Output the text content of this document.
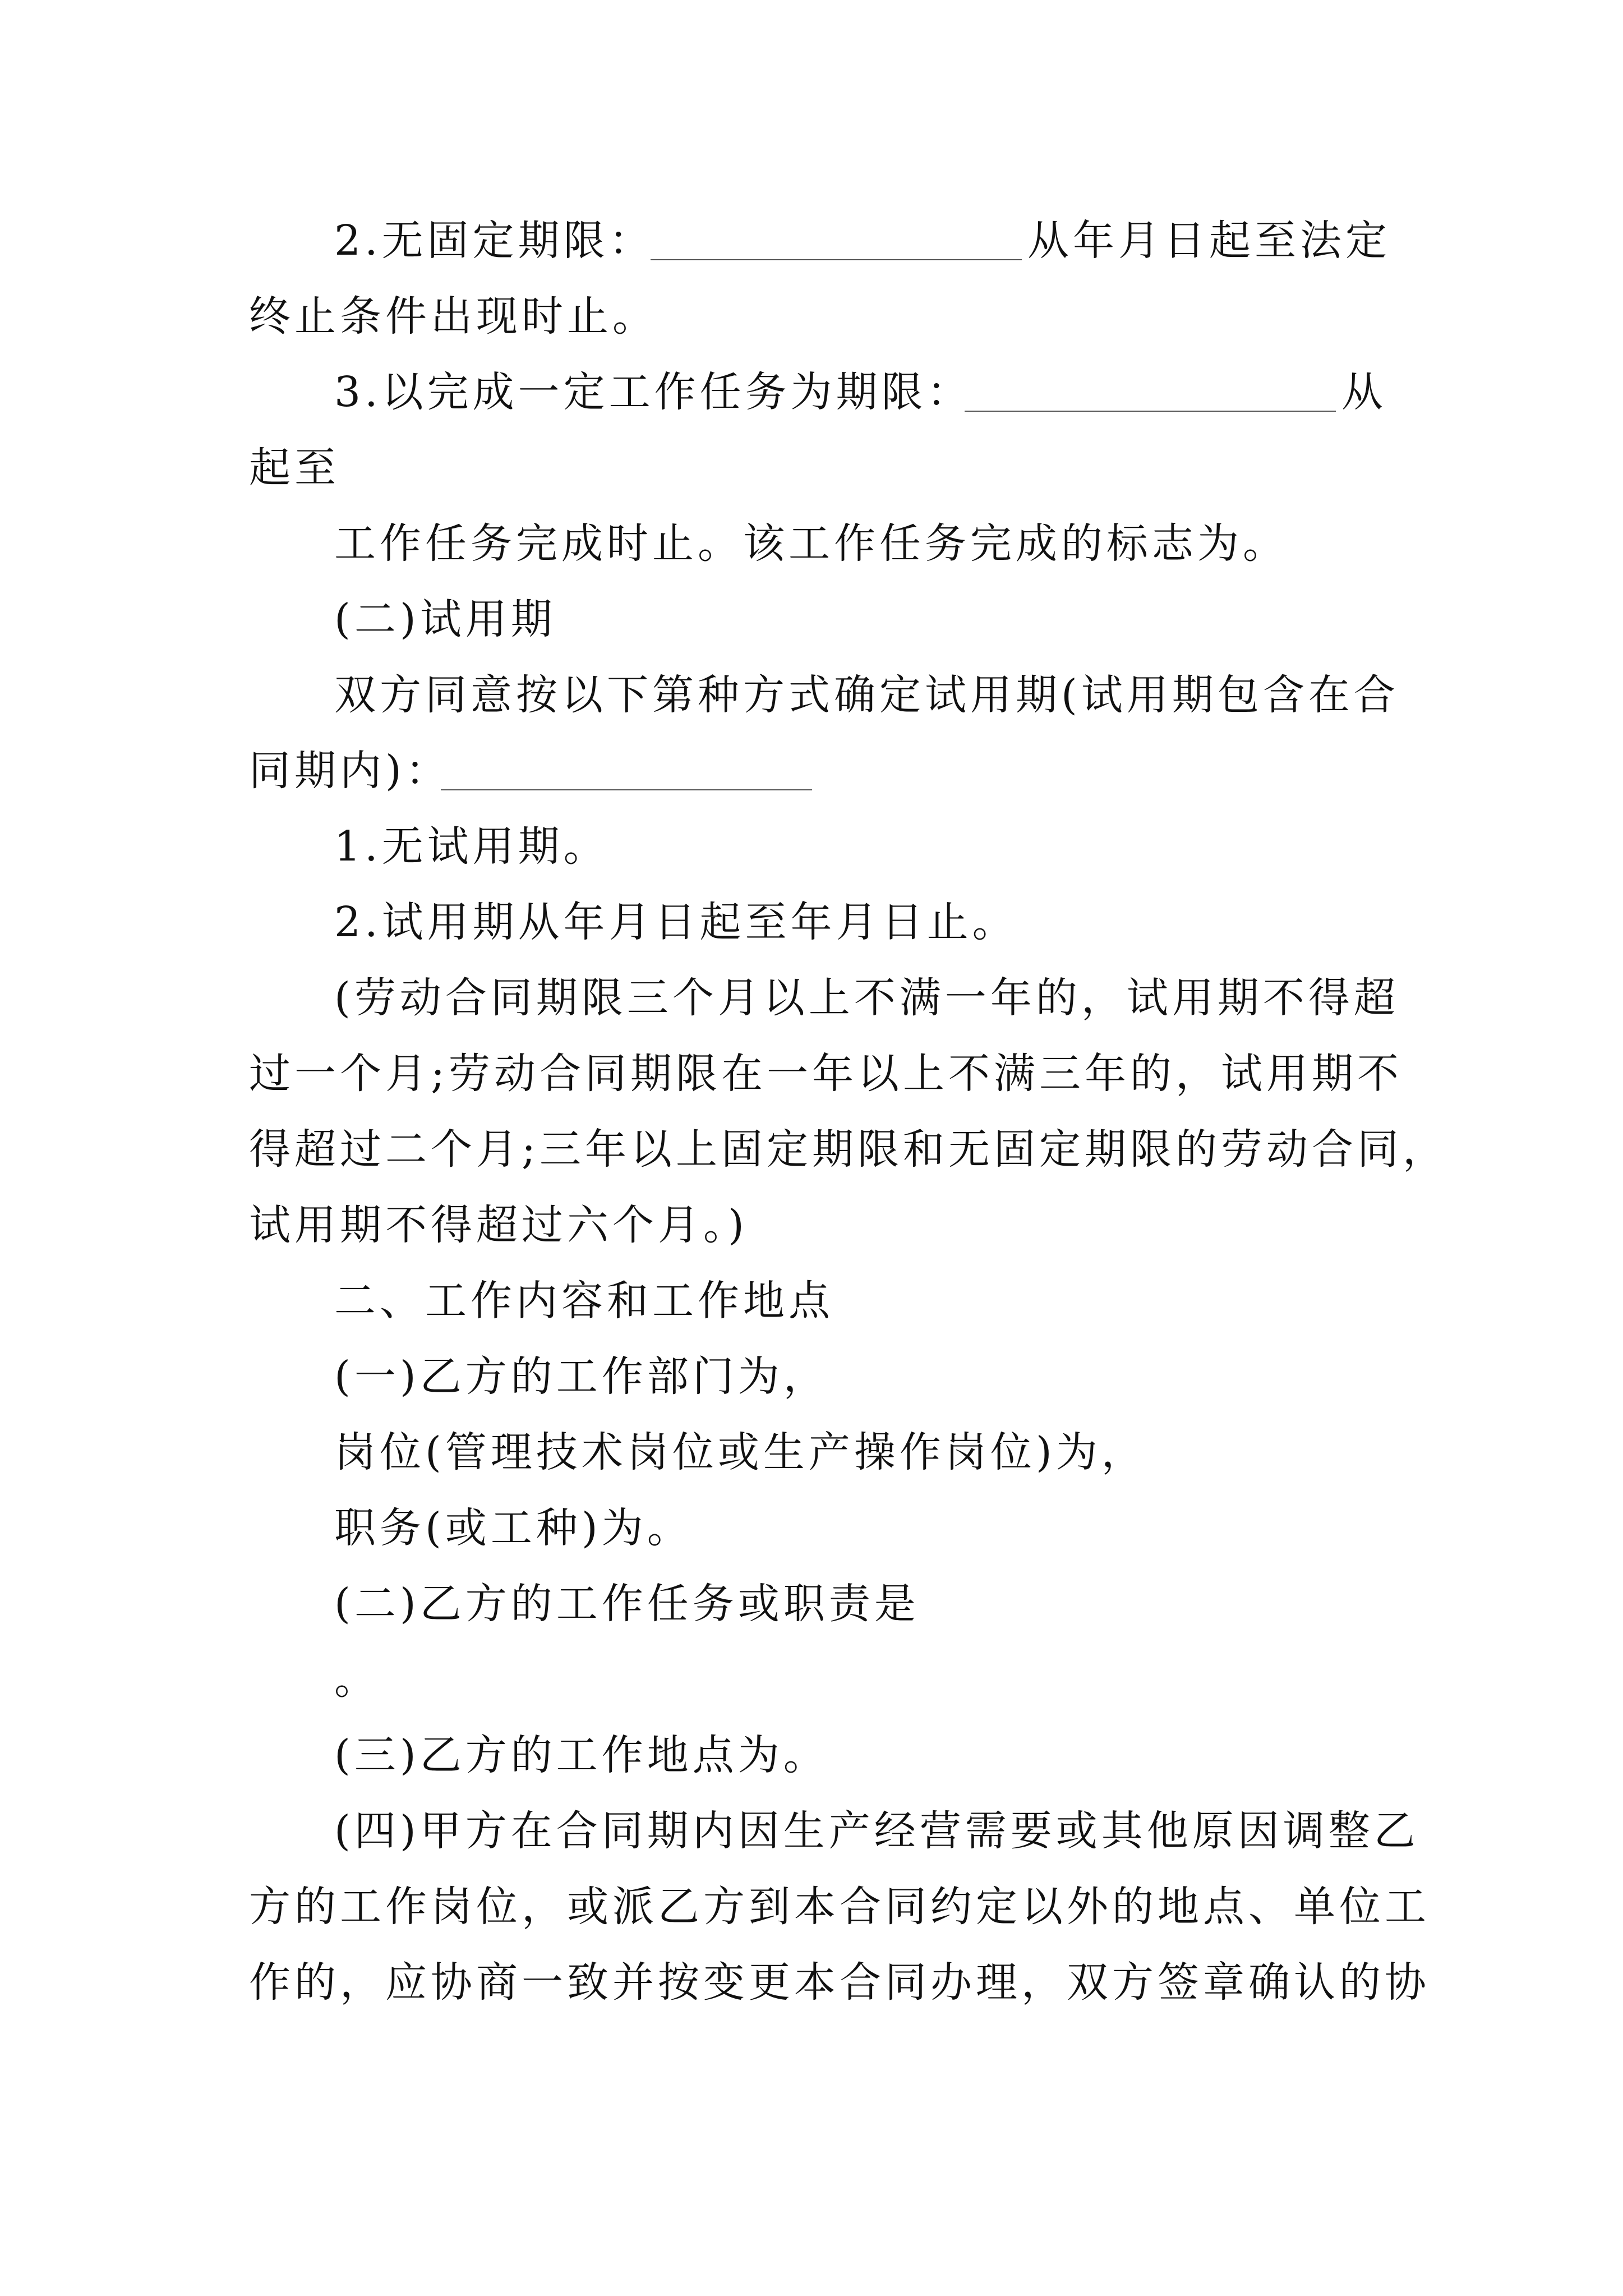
2.无固定期限：	从年月日起至法定
终止条件出现时止。
3.以完成一定工作任务为期限：	从
起至
工作任务完成时止。该工作任务完成的标志为。
(二)试用期
双 方 同 意 按 以 下 第 种 方 式 确 定 试 用 期 ( 试 用 期 包 含 在 合
同期内)：
1.无试用期。
2.试用期从年月日起至年月日止。
( 劳 动 合 同 期 限 三 个 月 以 上 不 满 一 年 的 ， 试 用 期 不 得 超
过 一 个 月 ; 劳 动 合 同 期 限 在 一 年 以 上 不 满 三 年 的 ， 试 用 期 不
得 超 过 二 个 月 ; 三 年 以 上 固 定 期 限 和 无 固 定 期 限 的 劳 动 合 同 ，
试用期不得超过六个月。)
二、工作内容和工作地点
(一)乙方的工作部门为，
岗位(管理技术岗位或生产操作岗位)为，
职务(或工种)为。
(二)乙方的工作任务或职责是
。
(三)乙方的工作地点为。
( 四 ) 甲 方 在 合 同 期 内 因 生 产 经 营 需 要 或 其 他 原 因 调 整 乙
方 的 工 作 岗 位 ， 或 派 乙 方 到 本 合 同 约 定 以 外 的 地 点 、 单 位 工
作 的 ， 应 协 商 一 致 并 按 变 更 本 合 同 办 理 ， 双 方 签 章 确 认 的 协
